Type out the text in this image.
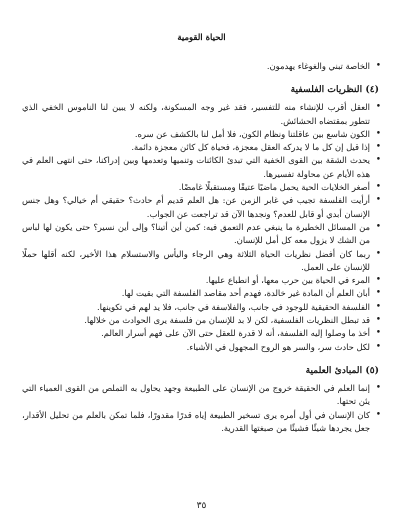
الحياة القومية
• الخاصة تبني والغوغاء يهدمون.
(٤) النظريات الفلسفية
• العقل أقرب للإنشاء منه للتفسير، فقد غير وجه المسكونة، ولكنه لا يبين لنا الناموس الخفي الذي تتطور بمقتضاه الحشائش.
• الكون شاسع بين عاقلتنا ونظام الكون، فلا أمل لنا بالكشف عن سره.
• إذا قيل إن كل ما لا يدركه العقل معجزة، فحياة كل كائن معجزة دائمة.
• يحدث الشقة بين القوى الخفية التي تبدئ الكائنات وتنميها وتعدمها وبين إدراكنا، حتى انتهى العلم في هذه الأيام عن محاولة تفسيرها.
• أصغر الخلايات الحية يحمل ماضيًا عتيقًا ومستقبلًا غامضًا.
• أرأيت الفلسفة تجيب في غابر الزمن عن: هل العلم قديم أم حادث؟ حقيقي أم خيالي؟ وهل جنس الإنسان أبدي أو قابل للعدم؟ ونجدها الآن قد تراجعت عن الجواب.
• من المسائل الخطيرة ما ينبغي عدم التعمق فيه: كمن أين أتينا؟ وإلى أين نسير؟ حتى يكون لها لباس من الشك لا يزول معه كل أمل للإنسان.
• ربما كان أفضل نظريات الحياة الثلاثة وهي الرجاء واليأس والاستسلام هذا الأخير، لكنه أقلها حملًا للإنسان على العمل.
• المرء في الحياة بين حرب معها، أو انطباع عليها.
• أبان العلم أن المادة غير خالدة، فهدم أحد مقاصد الفلسفة التي بقيت لها.
• الفلسفة الحقيقية للوجود في جانب، والفلاسفة في جانب، فلا يد لهم في تكوينها.
• قد تبطل النظريات الفلسفية، لكن لا بد للإنسان من فلسفة يرى الحوادث من خلالها.
• أخذ ما وصلوا إليه الفلسفة، أنه لا قدرة للعقل حتى الآن على فهم أسرار العالم.
• لكل حادث سر، والسر هو الروح المجهول في الأشياء.
(٥) المبادئ العلمية
• إنما العلم في الحقيقة خروج من الإنسان على الطبيعة وجهد يحاول به التملص من القوى العمياء التي يئن تحتها.
• كان الإنسان في أول أمره يرى تسخير الطبيعة إياه قدرًا مقدورًا، فلما تمكن بالعلم من تحليل الأقدار، جعل يجردها شيئًا فشيئًا من صبغتها القدرية.
٣٥
